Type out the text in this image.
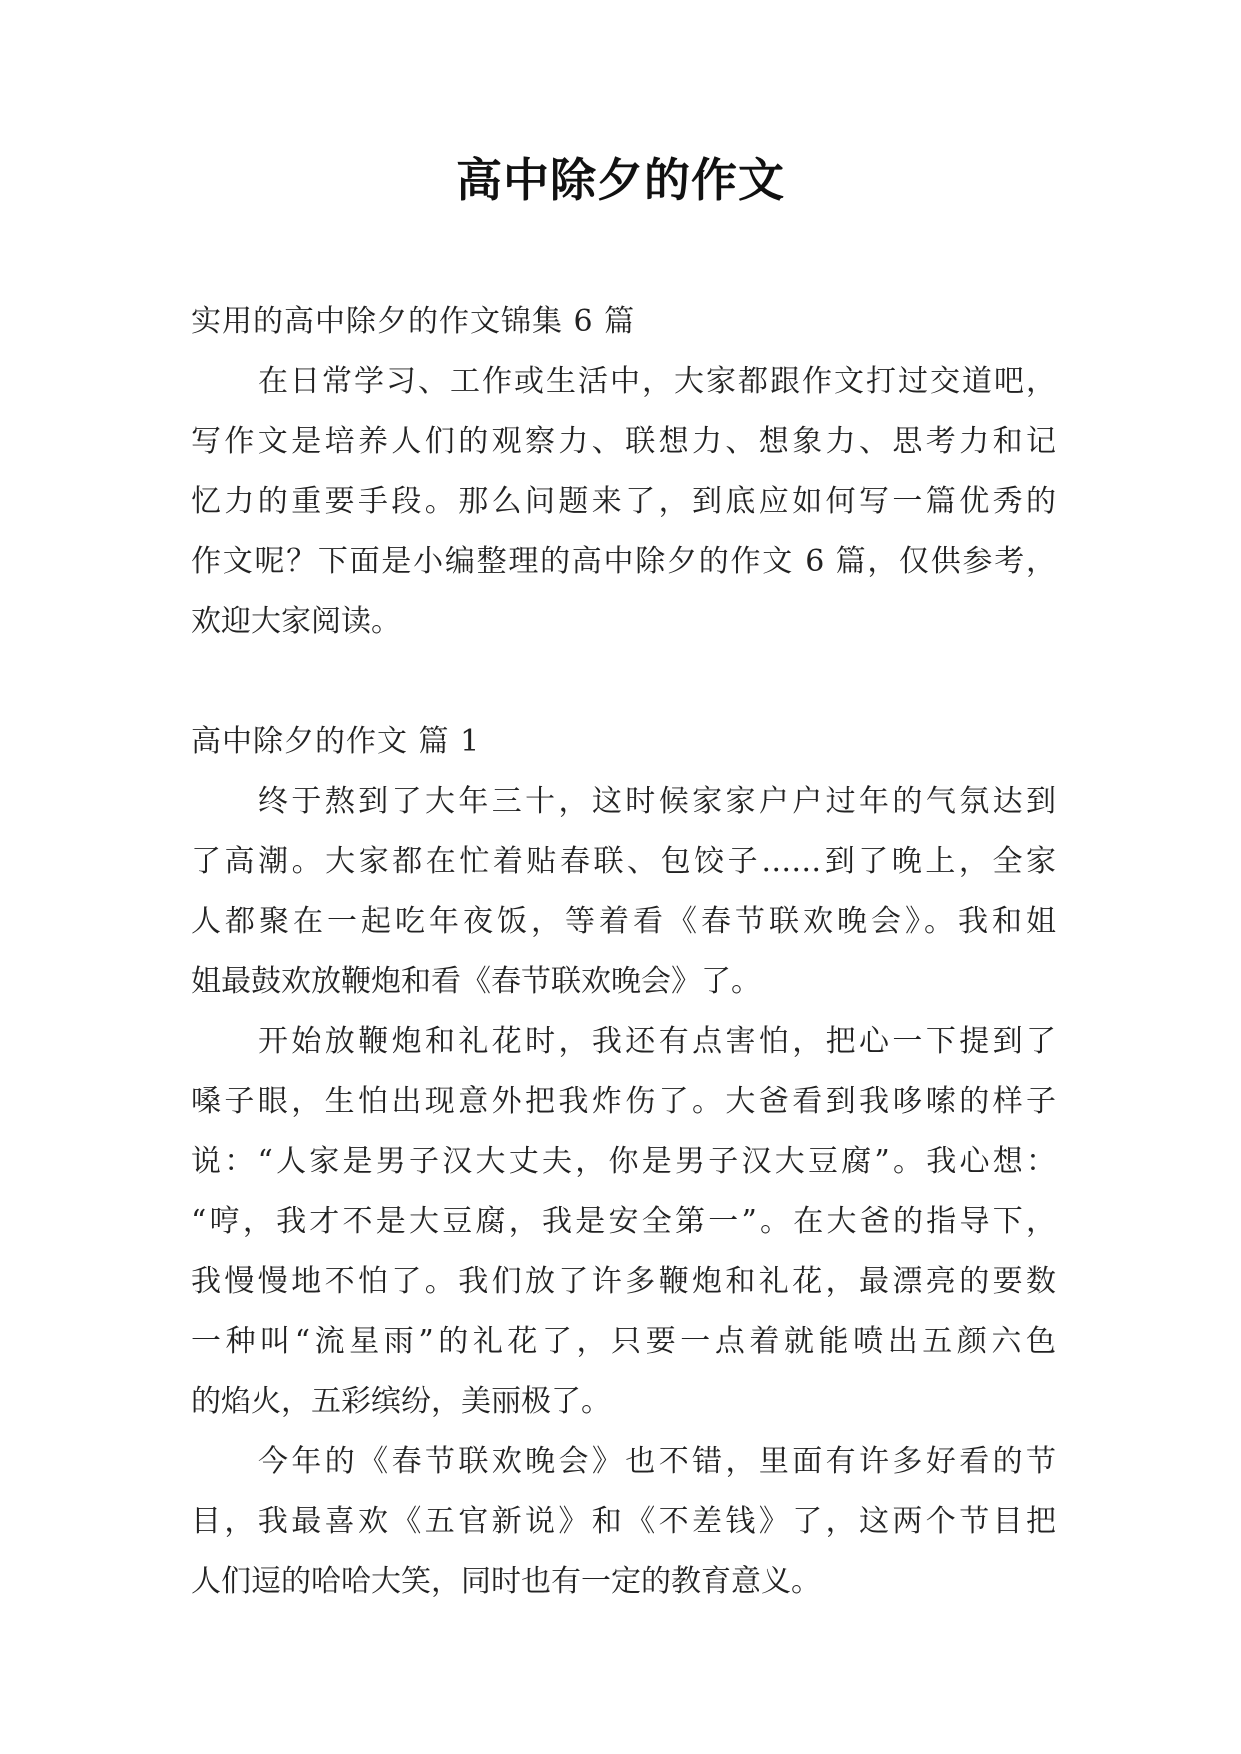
高中除夕的作文
实用的高中除夕的作文锦集 6 篇
在日常学习、工作或生活中，大家都跟作文打过交道吧，
写作文是培养人们的观察力、联想力、想象力、思考力和记
忆力的重要手段。那么问题来了，到底应如何写一篇优秀的
作文呢？下面是小编整理的高中除夕的作文 6 篇，仅供参考，
欢迎大家阅读。
高中除夕的作文 篇 1
终于熬到了大年三十，这时候家家户户过年的气氛达到
了高潮。大家都在忙着贴春联、包饺子……到了晚上，全家
人都聚在一起吃年夜饭，等着看《春节联欢晚会》。我和姐
姐最鼓欢放鞭炮和看《春节联欢晚会》了。
开始放鞭炮和礼花时，我还有点害怕，把心一下提到了
嗓子眼，生怕出现意外把我炸伤了。大爸看到我哆嗦的样子
说：“人家是男子汉大丈夫，你是男子汉大豆腐”。我心想：
“哼，我才不是大豆腐，我是安全第一”。在大爸的指导下，
我慢慢地不怕了。我们放了许多鞭炮和礼花，最漂亮的要数
一种叫“流星雨”的礼花了，只要一点着就能喷出五颜六色
的焰火，五彩缤纷，美丽极了。
今年的《春节联欢晚会》也不错，里面有许多好看的节
目，我最喜欢《五官新说》和《不差钱》了，这两个节目把
人们逗的哈哈大笑，同时也有一定的教育意义。
